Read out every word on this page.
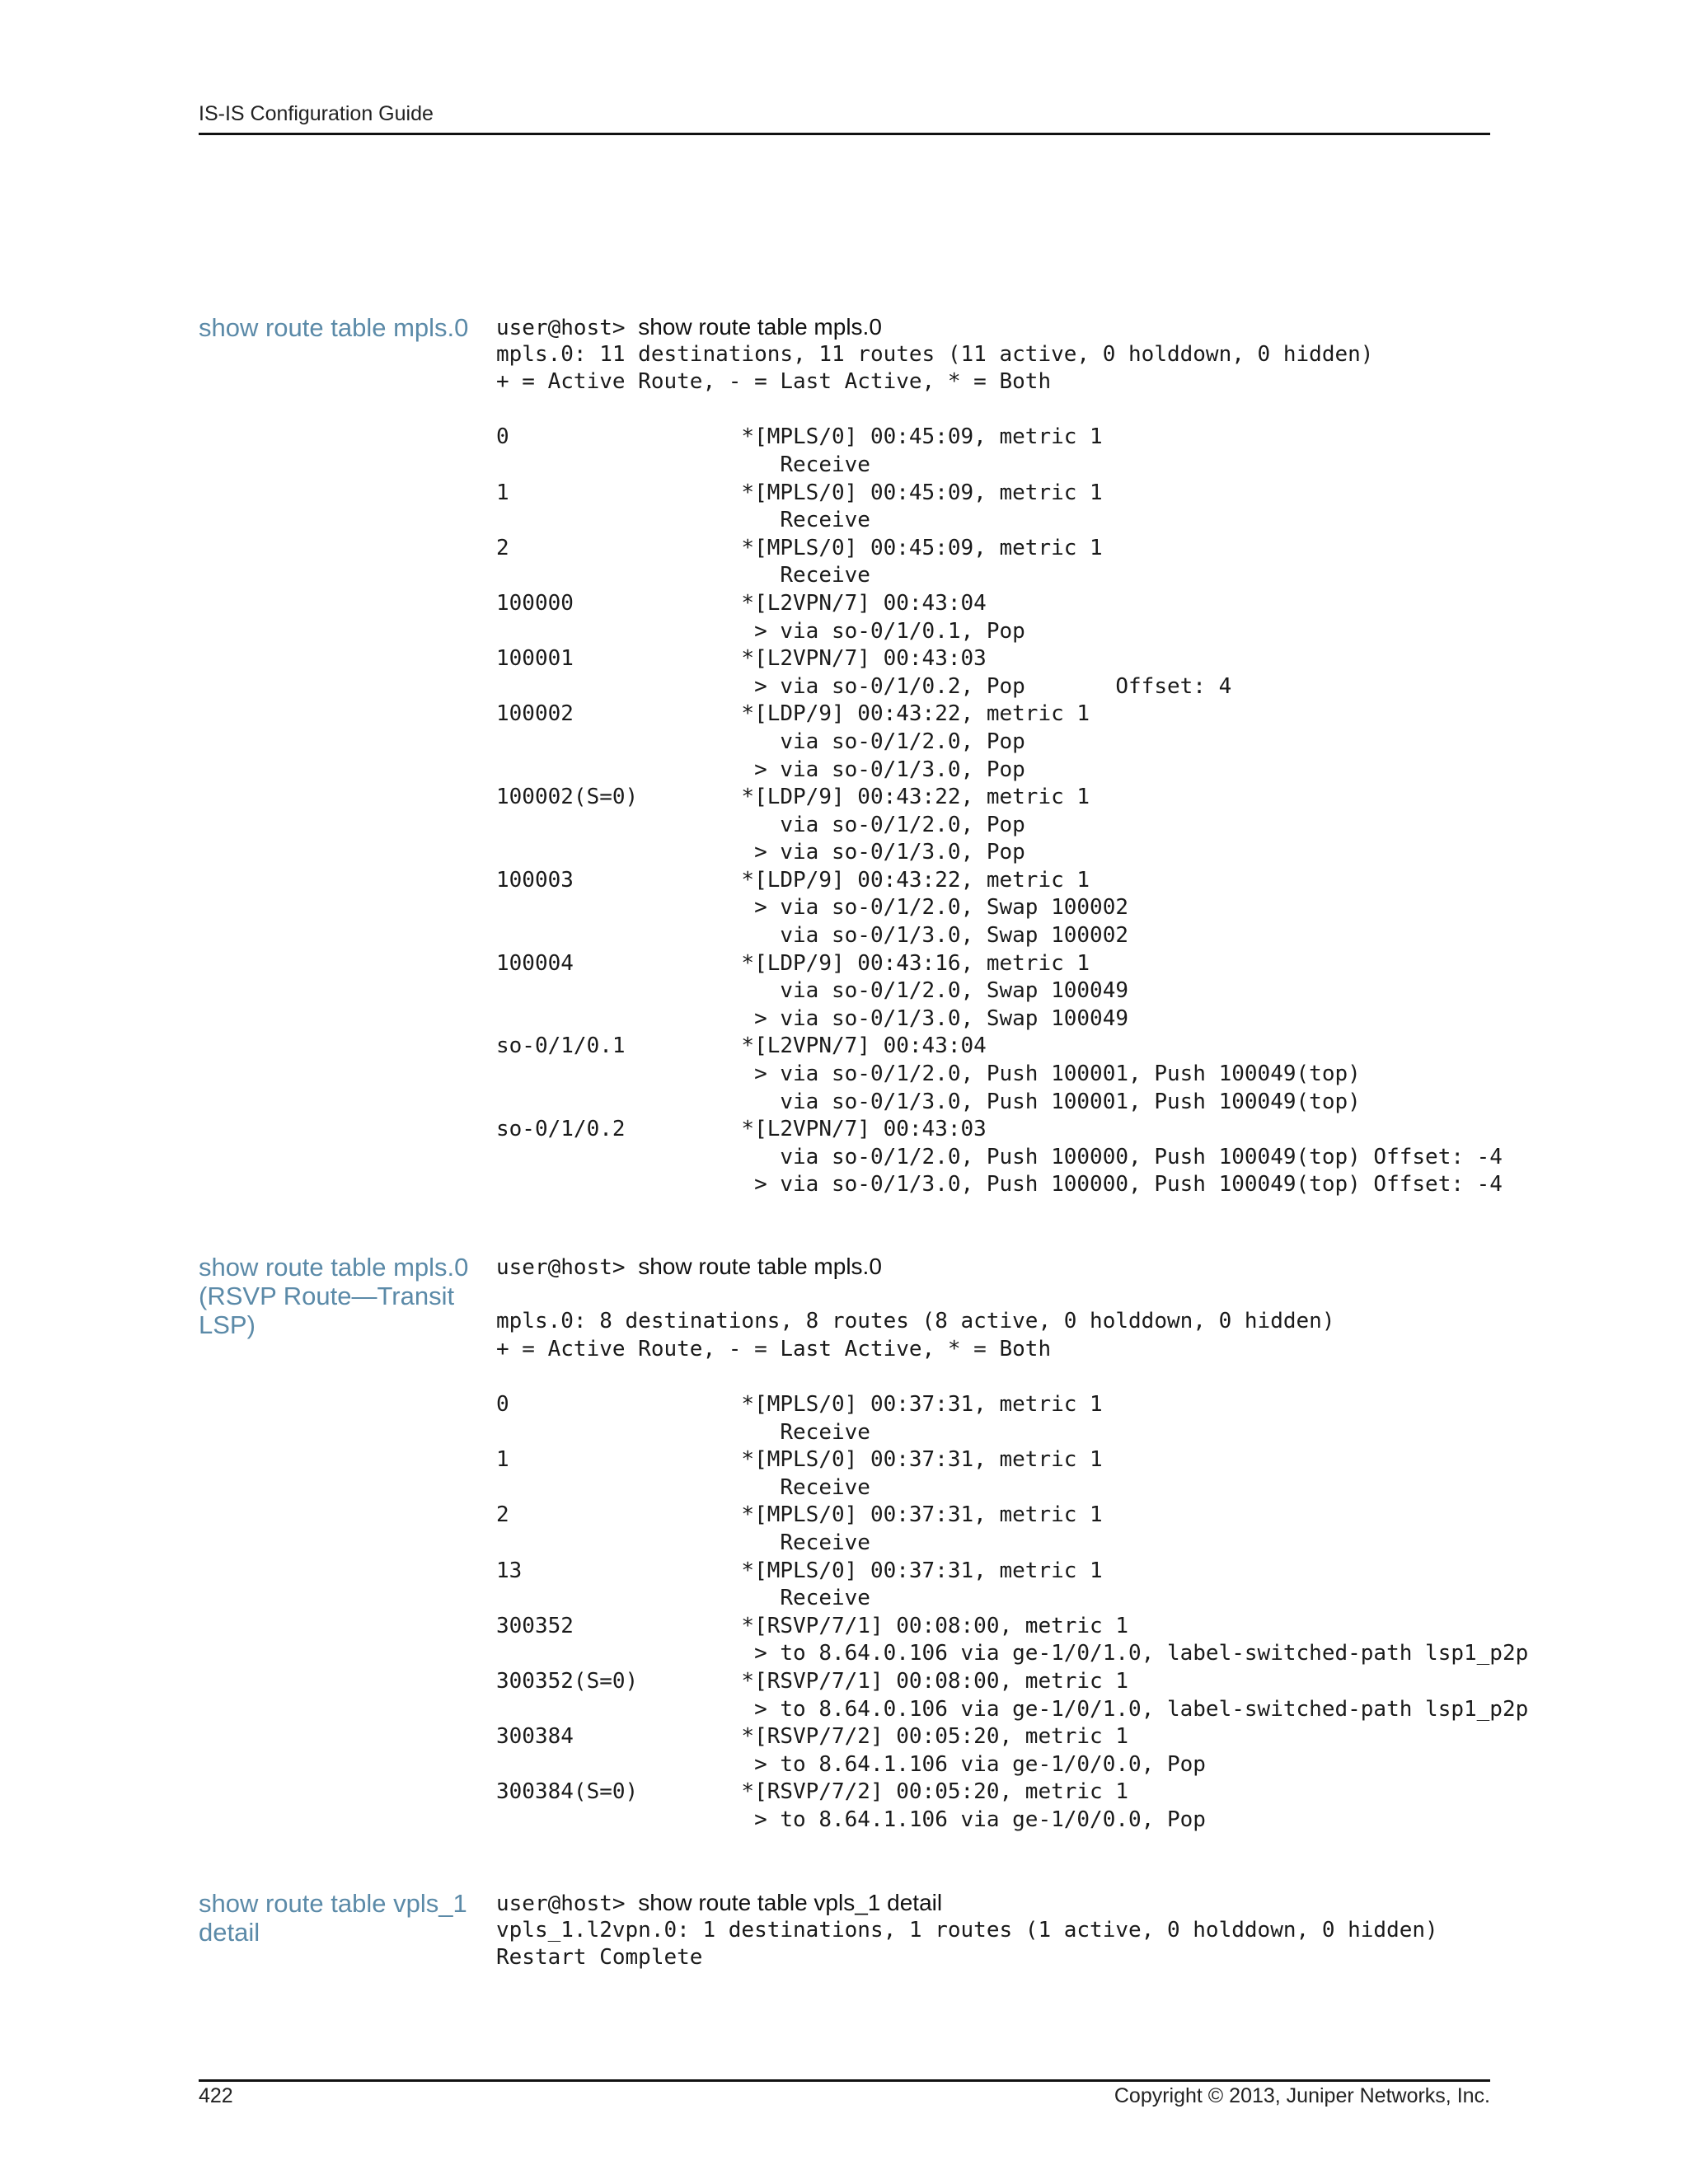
IS-IS Configuration Guide
show route table mpls.0 user@host> show route table mpls.0
mpls.0: 11 destinations, 11 routes (11 active, 0 holddown, 0 hidden)
+ = Active Route, - = Last Active, * = Both

0                  *[MPLS/0] 00:45:09, metric 1
Receive
1                  *[MPLS/0] 00:45:09, metric 1
Receive
2                  *[MPLS/0] 00:45:09, metric 1
Receive
100000             *[L2VPN/7] 00:43:04
> via so-0/1/0.1, Pop
100001             *[L2VPN/7] 00:43:03
> via so-0/1/0.2, Pop       Offset: 4
100002             *[LDP/9] 00:43:22, metric 1
via so-0/1/2.0, Pop
> via so-0/1/3.0, Pop
100002(S=0)        *[LDP/9] 00:43:22, metric 1
via so-0/1/2.0, Pop
> via so-0/1/3.0, Pop
100003             *[LDP/9] 00:43:22, metric 1
> via so-0/1/2.0, Swap 100002
via so-0/1/3.0, Swap 100002
100004             *[LDP/9] 00:43:16, metric 1
via so-0/1/2.0, Swap 100049
> via so-0/1/3.0, Swap 100049
so-0/1/0.1         *[L2VPN/7] 00:43:04
> via so-0/1/2.0, Push 100001, Push 100049(top)
via so-0/1/3.0, Push 100001, Push 100049(top)
so-0/1/0.2         *[L2VPN/7] 00:43:03
via so-0/1/2.0, Push 100000, Push 100049(top) Offset: -4
> via so-0/1/3.0, Push 100000, Push 100049(top) Offset: -4
show route table mpls.0 (RSVP Route—Transit LSP)
user@host> show route table mpls.0
mpls.0: 8 destinations, 8 routes (8 active, 0 holddown, 0 hidden)
+ = Active Route, - = Last Active, * = Both

0                  *[MPLS/0] 00:37:31, metric 1
Receive
1                  *[MPLS/0] 00:37:31, metric 1
Receive
2                  *[MPLS/0] 00:37:31, metric 1
Receive
13                 *[MPLS/0] 00:37:31, metric 1
Receive
300352             *[RSVP/7/1] 00:08:00, metric 1
> to 8.64.0.106 via ge-1/0/1.0, label-switched-path lsp1_p2p
300352(S=0)        *[RSVP/7/1] 00:08:00, metric 1
> to 8.64.0.106 via ge-1/0/1.0, label-switched-path lsp1_p2p
300384             *[RSVP/7/2] 00:05:20, metric 1
> to 8.64.1.106 via ge-1/0/0.0, Pop
300384(S=0)        *[RSVP/7/2] 00:05:20, metric 1
> to 8.64.1.106 via ge-1/0/0.0, Pop
show route table vpls_1 detail
user@host> show route table vpls_1 detail
vpls_1.l2vpn.0: 1 destinations, 1 routes (1 active, 0 holddown, 0 hidden)
Restart Complete
422	Copyright © 2013, Juniper Networks, Inc.
